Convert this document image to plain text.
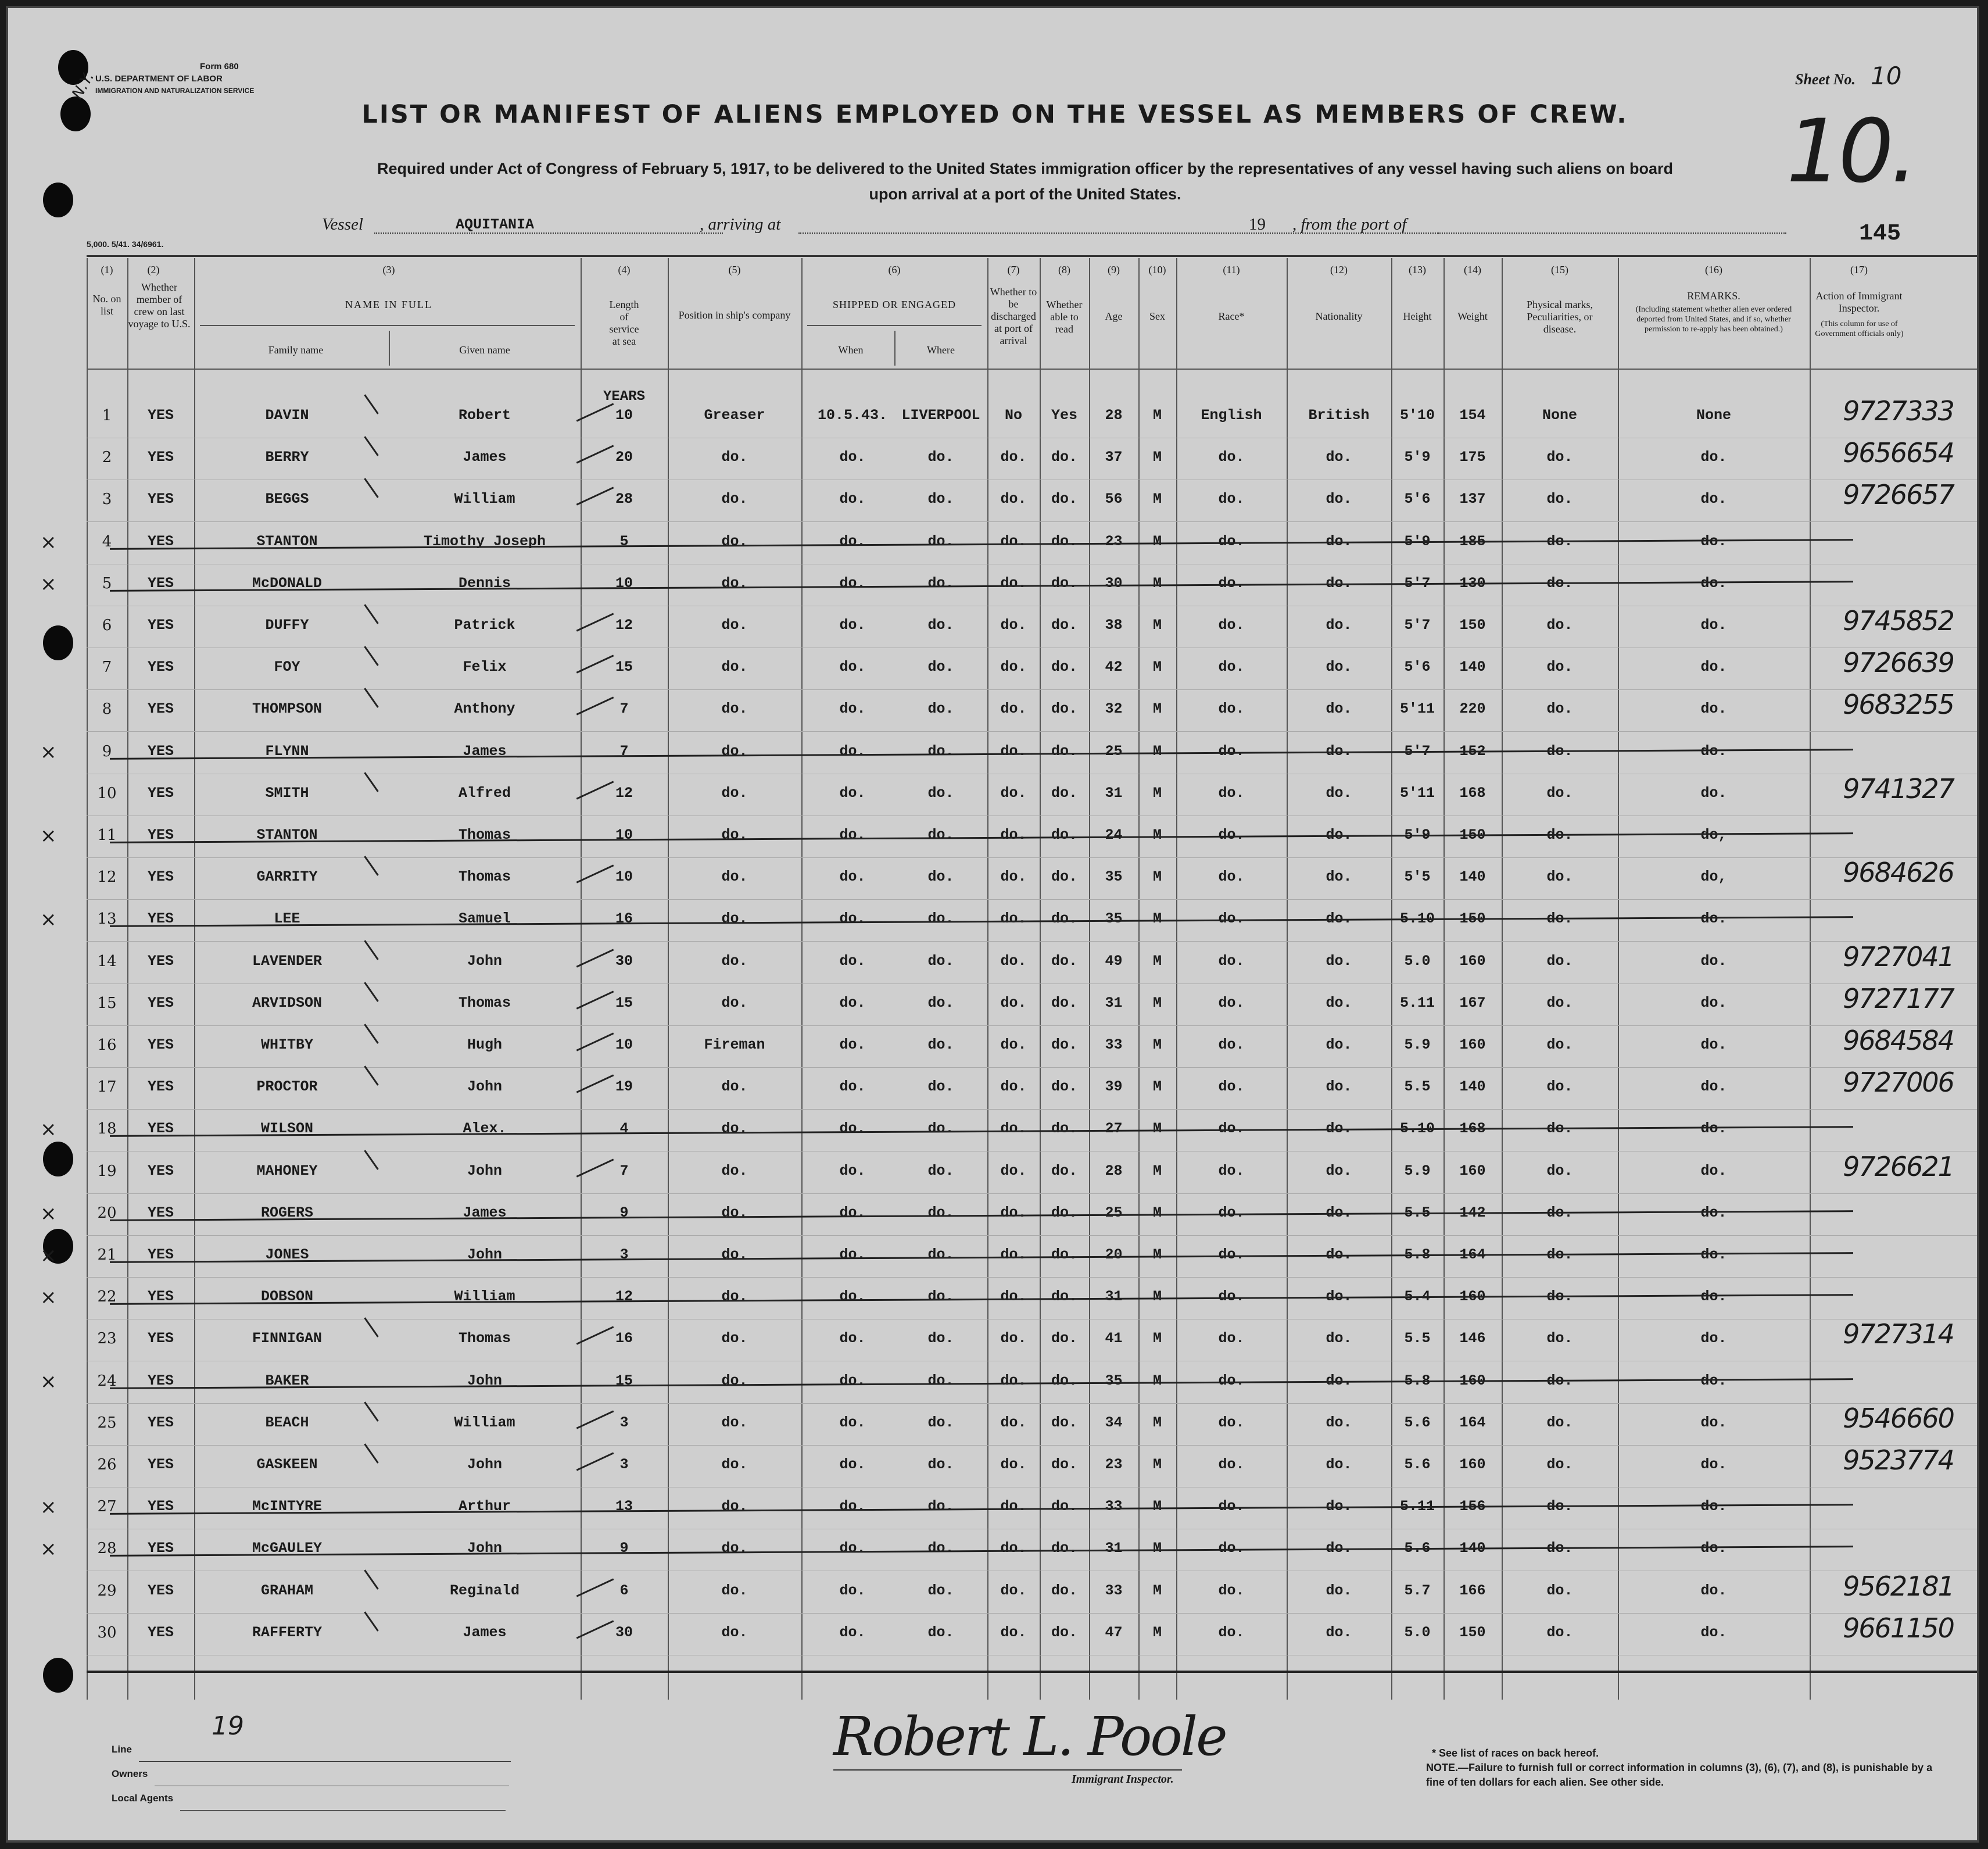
N.Y.
Form 680
U.S. DEPARTMENT OF LABOR
IMMIGRATION AND NATURALIZATION SERVICE
5,000. 5/41. 34/6961.
LIST OR MANIFEST OF ALIENS EMPLOYED ON THE VESSEL AS MEMBERS OF CREW.
Required under Act of Congress of February 5, 1917, to be delivered to the United States immigration officer by the representatives of any vessel having such aliens on board
upon arrival at a port of the United States.
Sheet No. 10
10.
145
Vessel	AQUITANIA	, arriving at	19 , from the port of
(1)
No. on list
(2)
Whether member of crew on last voyage to U.S.
(3)
NAME IN FULL
Family name	Given name
(4)
Length of service at sea
(5)
Position in ship's company
(6)
SHIPPED OR ENGAGED
When	Where
(7)
Whether to be discharged at port of arrival
(8)
Whether able to read
(9)
Age
(10)
Sex
(11)
Race*
(12)
Nationality
(13)
Height
(14)
Weight
(15)
Physical marks, Peculiarities, or disease.
(16)
REMARKS.
(Including statement whether alien ever ordered deported from United States, and if so, whether permission to re-apply has been obtained.)
(17)
Action of Immigrant Inspector.
(This column for use of Government officials only)
YEARS
1	YES	DAVIN	Robert	10	Greaser	10.5.43. LIVERPOOL	No	Yes	28	M	English	British	5'10	154	None	None	9727333
2	YES	BERRY	James	20	do.	do.	do.	do.	do.	37	M	do.	do.	5'9	175	do.	do.	9656654
3	YES	BEGGS	William	28	do.	do.	do.	do.	do.	56	M	do.	do.	5'6	137	do.	do.	9726657
4	YES	STANTON	Timothy Joseph	5	do.	do.	do.	do.	do.	23	M	do.	do.	5'9	185	do.	do.
×
5	YES	McDONALD	Dennis	10	do.	do.	do.	do.	do.	30	M	do.	do.	5'7	130	do.	do.
×
6	YES	DUFFY	Patrick	12	do.	do.	do.	do.	do.	38	M	do.	do.	5'7	150	do.	do.	9745852
7	YES	FOY	Felix	15	do.	do.	do.	do.	do.	42	M	do.	do.	5'6	140	do.	do.	9726639
8	YES	THOMPSON	Anthony	7	do.	do.	do.	do.	do.	32	M	do.	do.	5'11	220	do.	do.	9683255
9	YES	FLYNN	James	7	do.	do.	do.	do.	do.	25	M	do.	do.	5'7	152	do.	do.
×
10	YES	SMITH	Alfred	12	do.	do.	do.	do.	do.	31	M	do.	do.	5'11	168	do.	do.	9741327
11	YES	STANTON	Thomas	10	do.	do.	do.	do.	do.	24	M	do.	do.	5'9	150	do.	do,
×
12	YES	GARRITY	Thomas	10	do.	do.	do.	do.	do.	35	M	do.	do.	5'5	140	do.	do,	9684626
13	YES	LEE	Samuel	16	do.	do.	do.	do.	do.	35	M	do.	do.	5.10	150	do.	do.
×
14	YES	LAVENDER	John	30	do.	do.	do.	do.	do.	49	M	do.	do.	5.0	160	do.	do.	9727041
15	YES	ARVIDSON	Thomas	15	do.	do.	do.	do.	do.	31	M	do.	do.	5.11	167	do.	do.	9727177
16	YES	WHITBY	Hugh	10	Fireman	do.	do.	do.	do.	33	M	do.	do.	5.9	160	do.	do.	9684584
17	YES	PROCTOR	John	19	do.	do.	do.	do.	do.	39	M	do.	do.	5.5	140	do.	do.	9727006
18	YES	WILSON	Alex.	4	do.	do.	do.	do.	do.	27	M	do.	do.	5.10	168	do.	do.
×
19	YES	MAHONEY	John	7	do.	do.	do.	do.	do.	28	M	do.	do.	5.9	160	do.	do.	9726621
20	YES	ROGERS	James	9	do.	do.	do.	do.	do.	25	M	do.	do.	5.5	142	do.	do.
×
21	YES	JONES	John	3	do.	do.	do.	do.	do.	20	M	do.	do.	5.8	164	do.	do.
×
22	YES	DOBSON	William	12	do.	do.	do.	do.	do.	31	M	do.	do.	5.4	160	do.	do.
×
23	YES	FINNIGAN	Thomas	16	do.	do.	do.	do.	do.	41	M	do.	do.	5.5	146	do.	do.	9727314
24	YES	BAKER	John	15	do.	do.	do.	do.	do.	35	M	do.	do.	5.8	160	do.	do.
×
25	YES	BEACH	William	3	do.	do.	do.	do.	do.	34	M	do.	do.	5.6	164	do.	do.	9546660
26	YES	GASKEEN	John	3	do.	do.	do.	do.	do.	23	M	do.	do.	5.6	160	do.	do.	9523774
27	YES	McINTYRE	Arthur	13	do.	do.	do.	do.	do.	33	M	do.	do.	5.11	156	do.	do.
×
28	YES	McGAULEY	John	9	do.	do.	do.	do.	do.	31	M	do.	do.	5.6	140	do.	do.
×
29	YES	GRAHAM	Reginald	6	do.	do.	do.	do.	do.	33	M	do.	do.	5.7	166	do.	do.	9562181
30	YES	RAFFERTY	James	30	do.	do.	do.	do.	do.	47	M	do.	do.	5.0	150	do.	do.	9661150
Line
Owners
Local Agents
19	Robert L. Poole
Immigrant Inspector.
* See list of races on back hereof.
NOTE.—Failure to furnish full or correct information in columns (3), (6), (7), and (8), is punishable by a fine of ten dollars for each alien. See other side.
